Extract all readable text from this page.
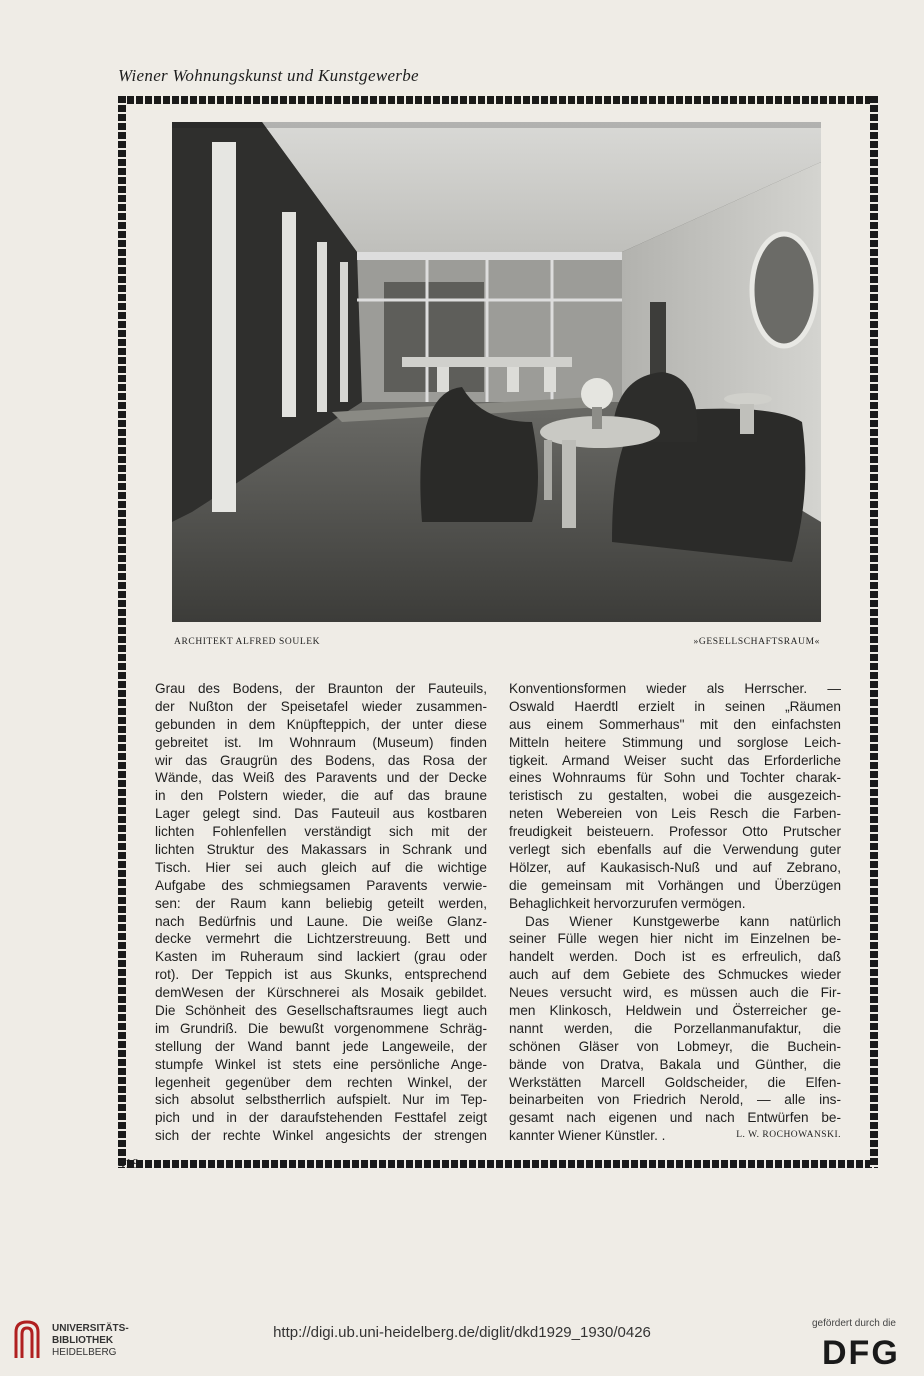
Wiener Wohnungskunst und Kunstgewerbe
ARCHITEKT ALFRED SOULEK	»GESELLSCHAFTSRAUM«
Grau des Bodens, der Braunton der Fauteuils,
der Nußton der Speisetafel wieder zusammen-
gebunden in dem Knüpfteppich, der unter diese
gebreitet ist. Im Wohnraum (Museum) finden
wir das Graugrün des Bodens, das Rosa der
Wände, das Weiß des Paravents und der Decke
in den Polstern wieder, die auf das braune
Lager gelegt sind. Das Fauteuil aus kostbaren
lichten Fohlenfellen verständigt sich mit der
lichten Struktur des Makassars in Schrank und
Tisch. Hier sei auch gleich auf die wichtige
Aufgabe des schmiegsamen Paravents verwie-
sen: der Raum kann beliebig geteilt werden,
nach Bedürfnis und Laune. Die weiße Glanz-
decke vermehrt die Lichtzerstreuung. Bett und
Kasten im Ruheraum sind lackiert (grau oder
rot). Der Teppich ist aus Skunks, entsprechend
demWesen der Kürschnerei als Mosaik gebildet.
Die Schönheit des Gesellschaftsraumes liegt auch
im Grundriß. Die bewußt vorgenommene Schräg-
stellung der Wand bannt jede Langeweile, der
stumpfe Winkel ist stets eine persönliche Ange-
legenheit gegenüber dem rechten Winkel, der
sich absolut selbstherrlich aufspielt. Nur im Tep-
pich und in der daraufstehenden Festtafel zeigt
sich der rechte Winkel angesichts der strengen
Konventionsformen wieder als Herrscher. —
Oswald Haerdtl erzielt in seinen „Räumen
aus einem Sommerhaus" mit den einfachsten
Mitteln heitere Stimmung und sorglose Leich-
tigkeit. Armand Weiser sucht das Erforderliche
eines Wohnraums für Sohn und Tochter charak-
teristisch zu gestalten, wobei die ausgezeich-
neten Webereien von Leis Resch die Farben-
freudigkeit beisteuern. Professor Otto Prutscher
verlegt sich ebenfalls auf die Verwendung guter
Hölzer, auf Kaukasisch-Nuß und auf Zebrano,
die gemeinsam mit Vorhängen und Überzügen
Behaglichkeit hervorzurufen vermögen.
Das Wiener Kunstgewerbe kann natürlich
seiner Fülle wegen hier nicht im Einzelnen be-
handelt werden. Doch ist es erfreulich, daß
auch auf dem Gebiete des Schmuckes wieder
Neues versucht wird, es müssen auch die Fir-
men Klinkosch, Heldwein und Österreicher ge-
nannt werden, die Porzellanmanufaktur, die
schönen Gläser von Lobmeyr, die Buchein-
bände von Dratva, Bakala und Günther, die
Werkstätten Marcell Goldscheider, die Elfen-
beinarbeiten von Friedrich Nerold, — alle ins-
gesamt nach eigenen und nach Entwürfen be-
kannter Wiener Künstler. .	L. W. ROCHOWANSKI.
418
UNIVERSITÄTS-
BIBLIOTHEK
HEIDELBERG
http://digi.ub.uni-heidelberg.de/diglit/dkd1929_1930/0426
gefördert durch die
DFG
